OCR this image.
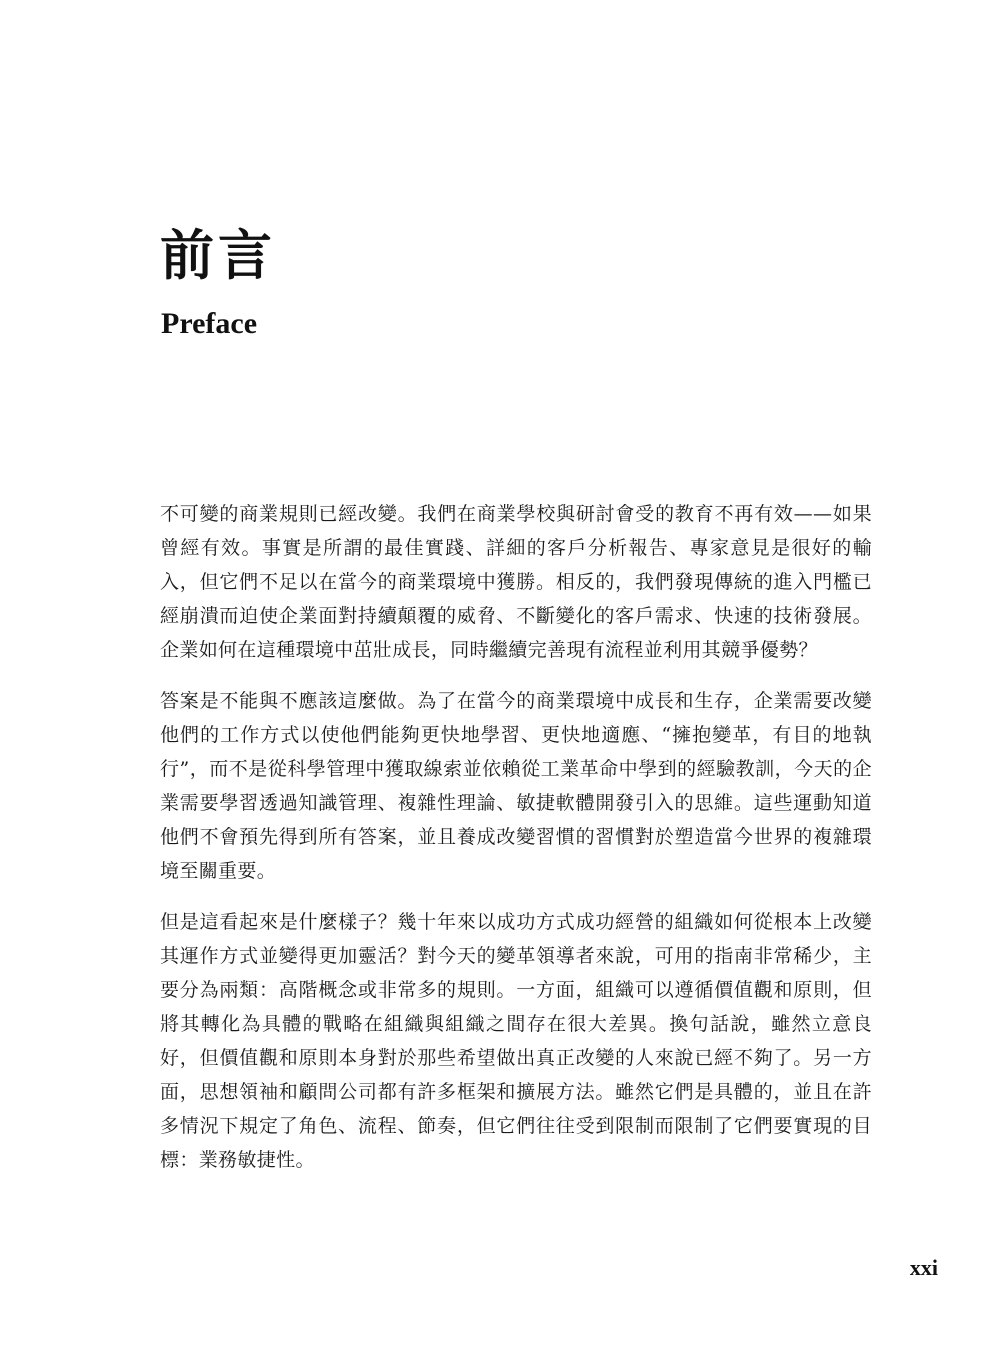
前言
Preface

不可變的商業規則已經改變。我們在商業學校與研討會受的教育不再有效——如果曾經有效。事實是所謂的最佳實踐、詳細的客戶分析報告、專家意見是很好的輸入，但它們不足以在當今的商業環境中獲勝。相反的，我們發現傳統的進入門檻已經崩潰而迫使企業面對持續顛覆的威脅、不斷變化的客戶需求、快速的技術發展。企業如何在這種環境中茁壯成長，同時繼續完善現有流程並利用其競爭優勢？

答案是不能與不應該這麼做。為了在當今的商業環境中成長和生存，企業需要改變他們的工作方式以使他們能夠更快地學習、更快地適應、“擁抱變革，有目的地執行”，而不是從科學管理中獲取線索並依賴從工業革命中學到的經驗教訓，今天的企業需要學習透過知識管理、複雜性理論、敏捷軟體開發引入的思維。這些運動知道他們不會預先得到所有答案，並且養成改變習慣的習慣對於塑造當今世界的複雜環境至關重要。

但是這看起來是什麼樣子？幾十年來以成功方式成功經營的組織如何從根本上改變其運作方式並變得更加靈活？對今天的變革領導者來說，可用的指南非常稀少，主要分為兩類：高階概念或非常多的規則。一方面，組織可以遵循價值觀和原則，但將其轉化為具體的戰略在組織與組織之間存在很大差異。換句話說，雖然立意良好，但價值觀和原則本身對於那些希望做出真正改變的人來說已經不夠了。另一方面，思想領袖和顧問公司都有許多框架和擴展方法。雖然它們是具體的，並且在許多情況下規定了角色、流程、節奏，但它們往往受到限制而限制了它們要實現的目標：業務敏捷性。

xxi
